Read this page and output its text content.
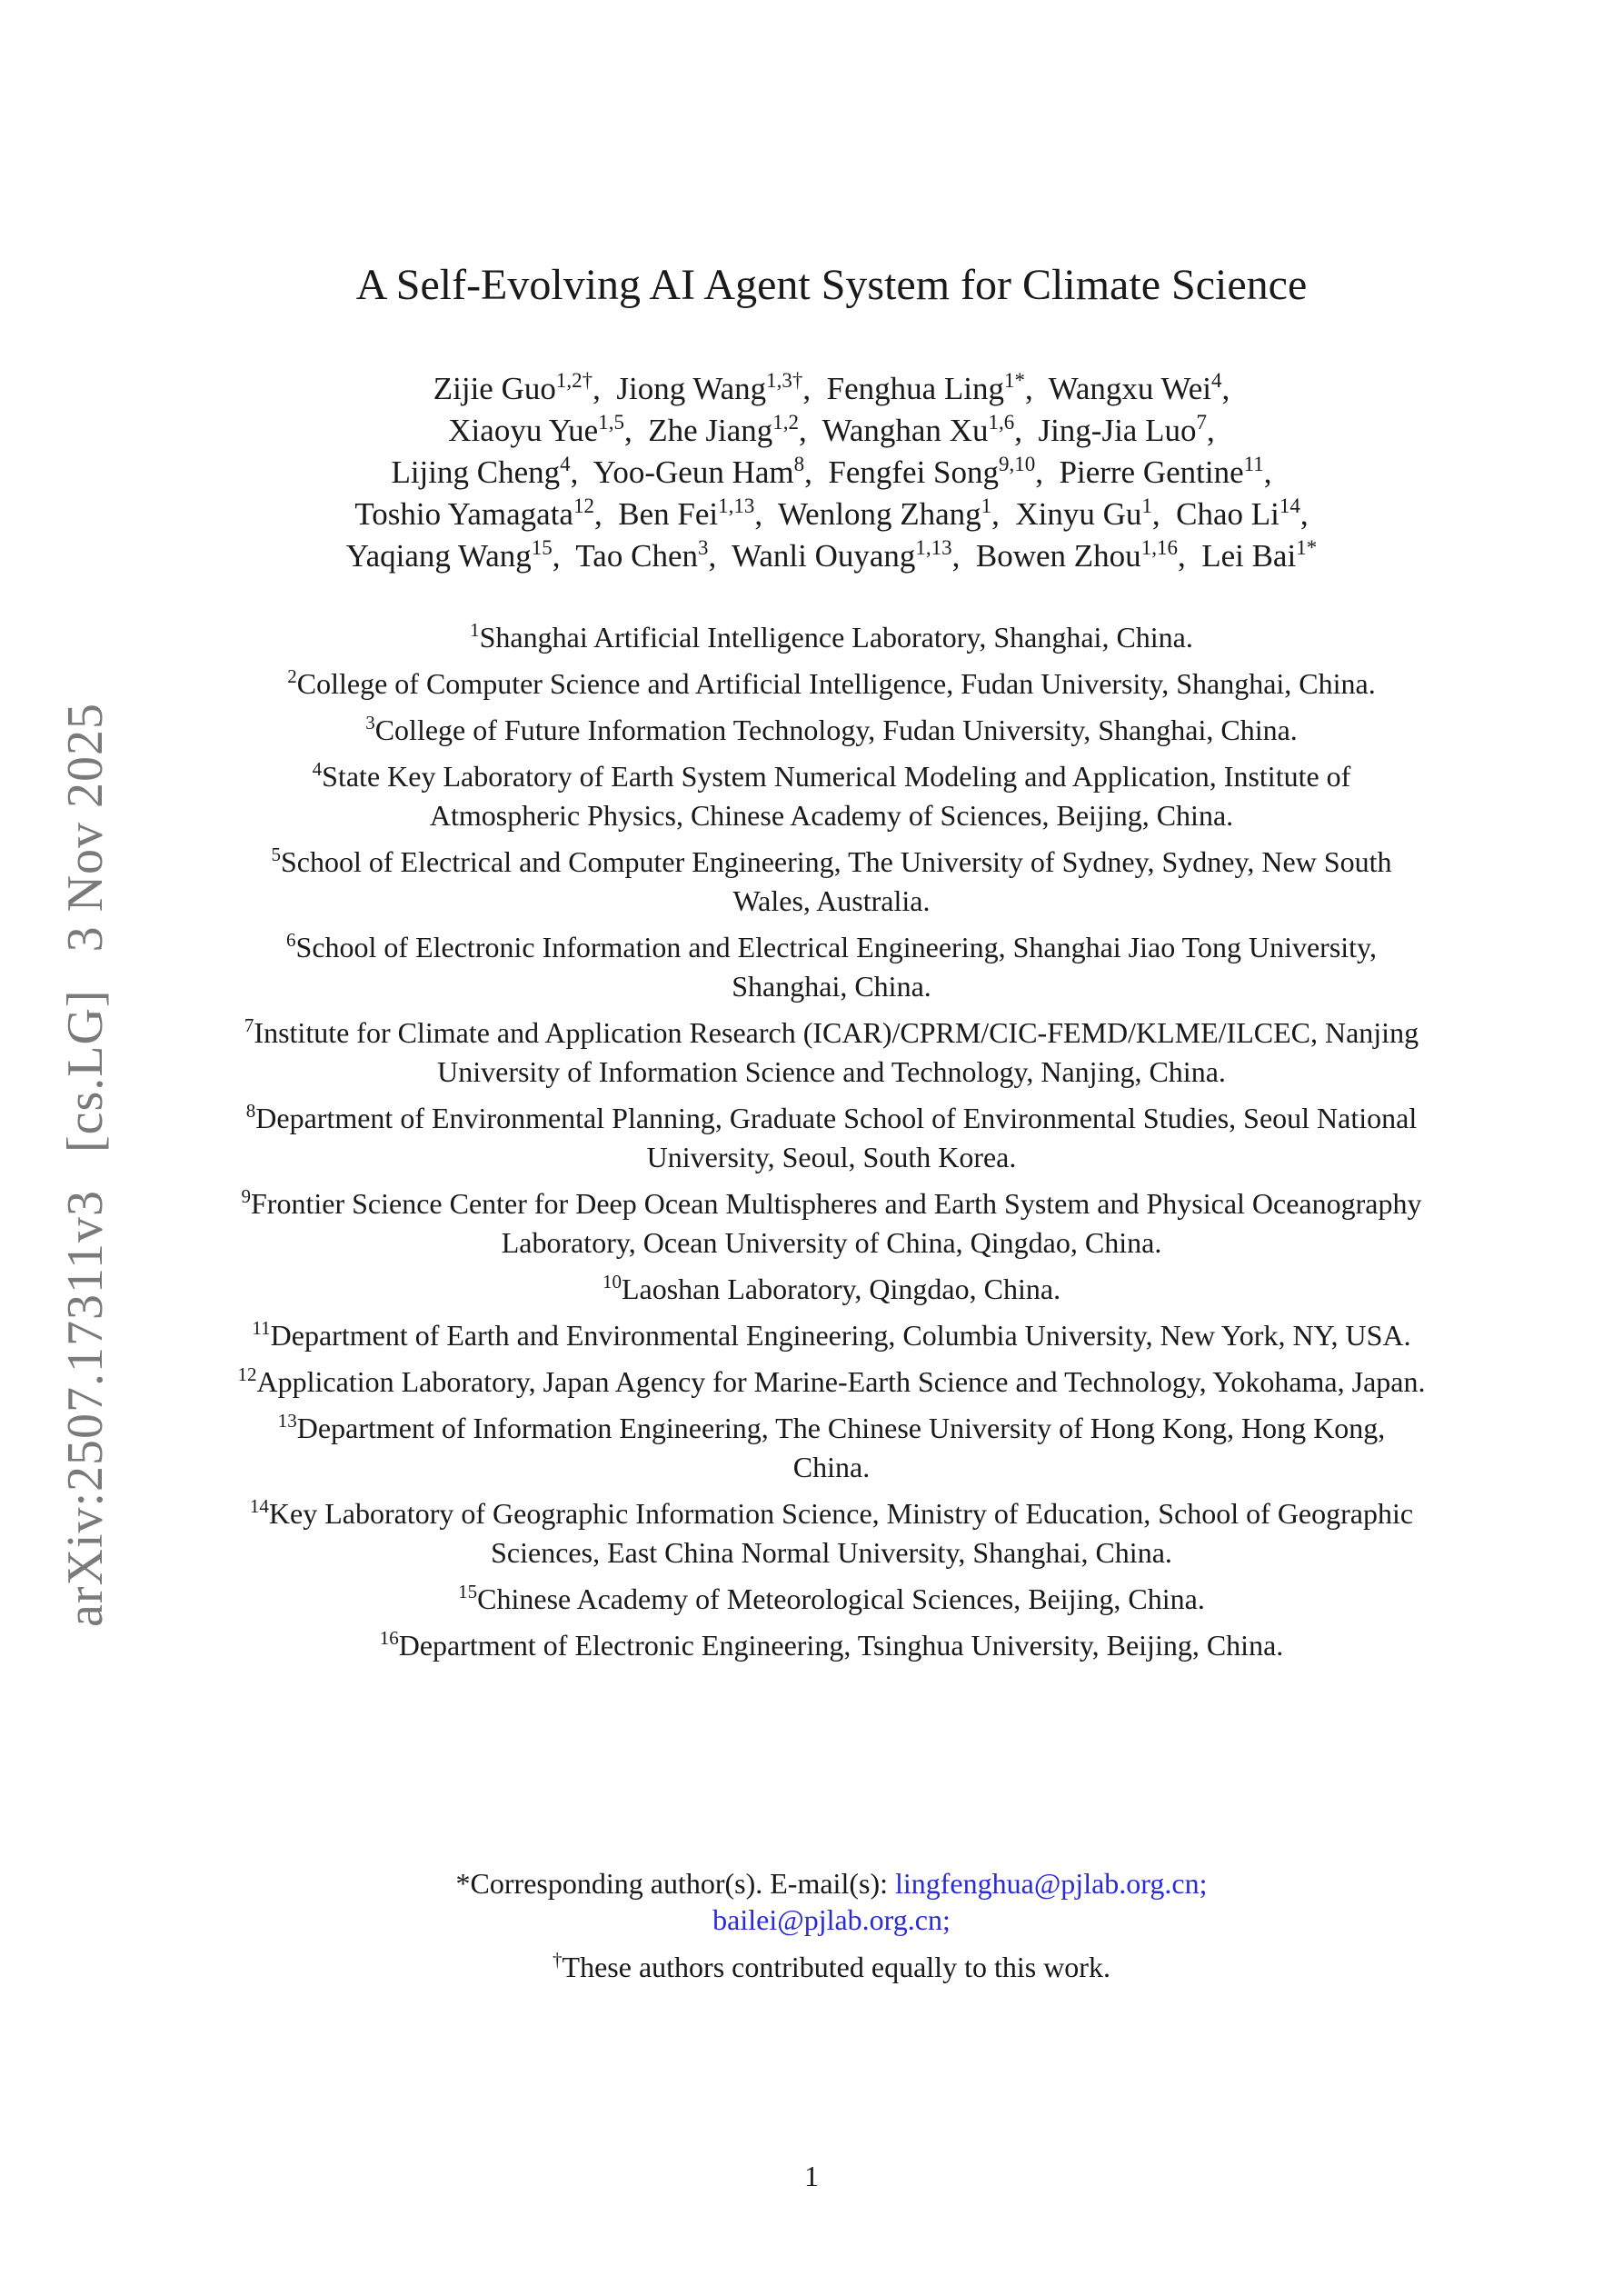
arXiv:2507.17311v3 [cs.LG] 3 Nov 2025
A Self-Evolving AI Agent System for Climate Science
Zijie Guo$^{1,2\dagger}$,  Jiong Wang$^{1,3\dagger}$,  Fenghua Ling$^{1*}$,  Wangxu Wei$^4$,
Xiaoyu Yue$^{1,5}$,  Zhe Jiang$^{1,2}$,  Wanghan Xu$^{1,6}$,  Jing-Jia Luo$^7$,
Lijing Cheng$^4$,  Yoo-Geun Ham$^8$,  Fengfei Song$^{9,10}$,  Pierre Gentine$^{11}$,
Toshio Yamagata$^{12}$,  Ben Fei$^{1,13}$,  Wenlong Zhang$^1$,  Xinyu Gu$^1$,  Chao Li$^{14}$,
Yaqiang Wang$^{15}$,  Tao Chen$^3$,  Wanli Ouyang$^{1,13}$,  Bowen Zhou$^{1,16}$,  Lei Bai$^{1*}$
$^1$Shanghai Artificial Intelligence Laboratory, Shanghai, China.
$^2$College of Computer Science and Artificial Intelligence, Fudan University, Shanghai, China.
$^3$College of Future Information Technology, Fudan University, Shanghai, China.
$^4$State Key Laboratory of Earth System Numerical Modeling and Application, Institute of Atmospheric Physics, Chinese Academy of Sciences, Beijing, China.
$^5$School of Electrical and Computer Engineering, The University of Sydney, Sydney, New South Wales, Australia.
$^6$School of Electronic Information and Electrical Engineering, Shanghai Jiao Tong University, Shanghai, China.
$^7$Institute for Climate and Application Research (ICAR)/CPRM/CIC-FEMD/KLME/ILCEC, Nanjing University of Information Science and Technology, Nanjing, China.
$^8$Department of Environmental Planning, Graduate School of Environmental Studies, Seoul National University, Seoul, South Korea.
$^9$Frontier Science Center for Deep Ocean Multispheres and Earth System and Physical Oceanography Laboratory, Ocean University of China, Qingdao, China.
$^{10}$Laoshan Laboratory, Qingdao, China.
$^{11}$Department of Earth and Environmental Engineering, Columbia University, New York, NY, USA.
$^{12}$Application Laboratory, Japan Agency for Marine-Earth Science and Technology, Yokohama, Japan.
$^{13}$Department of Information Engineering, The Chinese University of Hong Kong, Hong Kong, China.
$^{14}$Key Laboratory of Geographic Information Science, Ministry of Education, School of Geographic Sciences, East China Normal University, Shanghai, China.
$^{15}$Chinese Academy of Meteorological Sciences, Beijing, China.
$^{16}$Department of Electronic Engineering, Tsinghua University, Beijing, China.
*Corresponding author(s). E-mail(s): lingfenghua@pjlab.org.cn;
bailei@pjlab.org.cn;
†These authors contributed equally to this work.
1
